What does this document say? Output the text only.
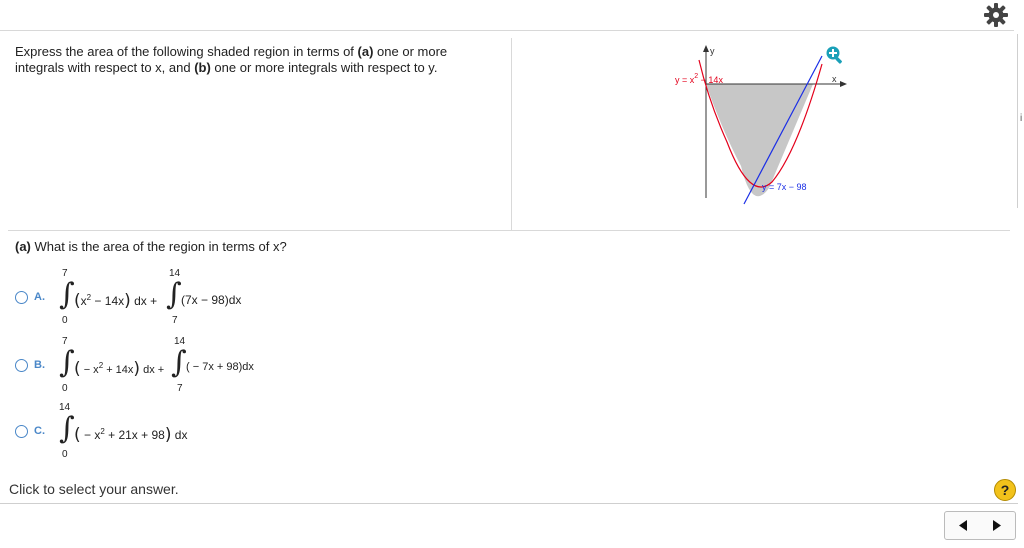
i
Express the area of the following shaded region in terms of (a) one or more integrals with respect to x, and (b) one or more integrals with respect to y.
y
x
$y = x^2 - 14x$
y = 7x − 98
(a) What is the area of the region in terms of x?
A.
7
∫
0
$(x^2 - 14x)$ dx +
14
∫
7
(7x − 98)dx
B.
7
∫
0
( − $x^2 + 14x$) dx +
14
∫
7
( − 7x + 98)dx
C.
14
∫
0
( − $x^2 + 21x + 98$) dx
Click to select your answer.	?
